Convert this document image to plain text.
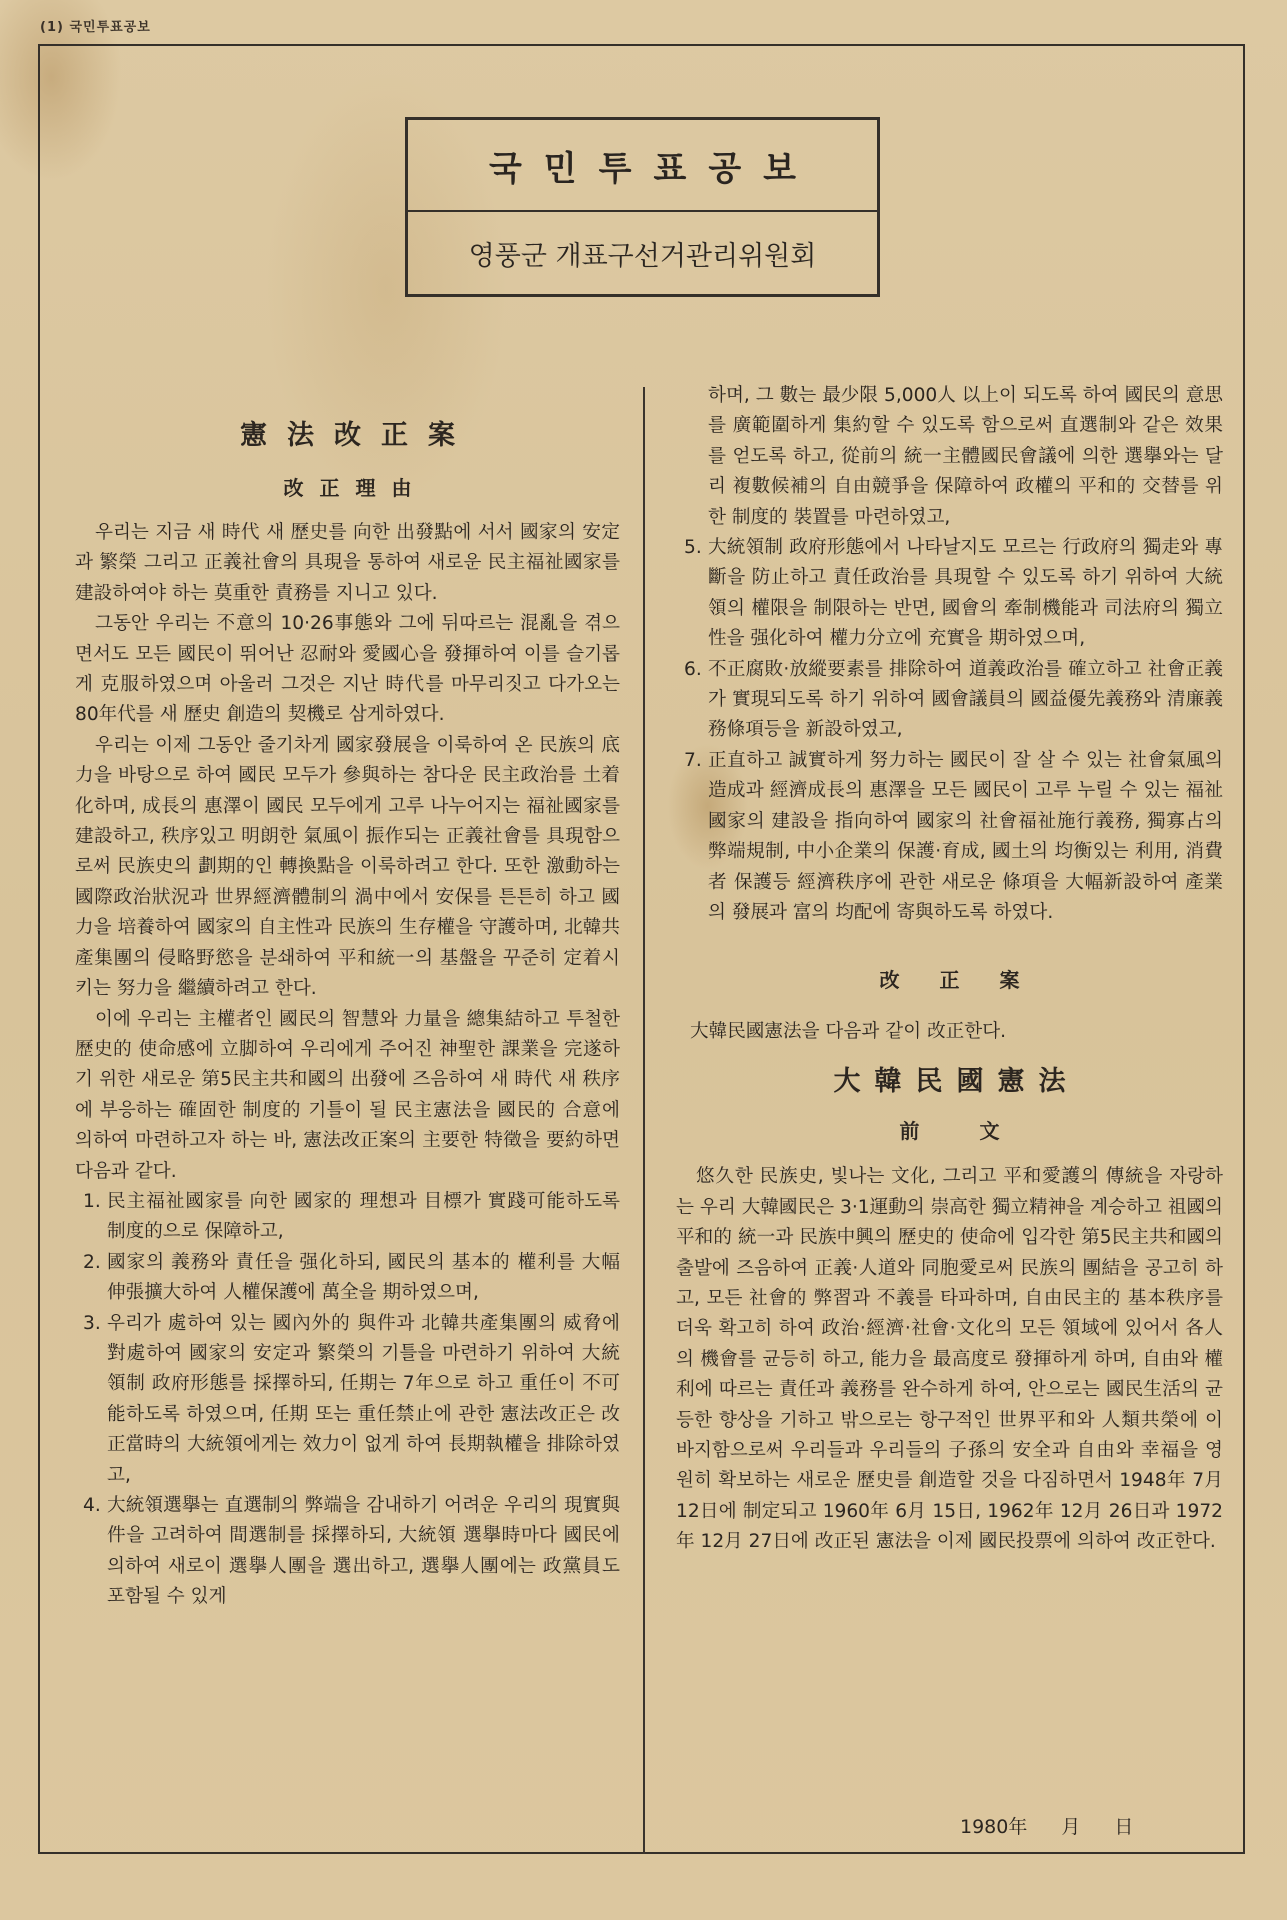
(1) 국민투표공보
국민투표공보
영풍군 개표구선거관리위원회
憲法改正案
改正理由

우리는 지금 새 時代 새 歷史를 向한 出發點에 서서 國家의 安定과 繁榮 그리고 正義社會의 具現을 통하여 새로운 民主福祉國家를 建設하여야 하는 莫重한 責務를 지니고 있다.

그동안 우리는 不意의 10·26事態와 그에 뒤따르는 混亂을 겪으면서도 모든 國民이 뛰어난 忍耐와 愛國心을 發揮하여 이를 슬기롭게 克服하였으며 아울러 그것은 지난 時代를 마무리짓고 다가오는 80年代를 새 歷史 創造의 契機로 삼게하였다.

우리는 이제 그동안 줄기차게 國家發展을 이룩하여 온 民族의 底力을 바탕으로 하여 國民 모두가 參與하는 참다운 民主政治를 土着化하며, 成長의 惠澤이 國民 모두에게 고루 나누어지는 福祉國家를 建設하고, 秩序있고 明朗한 氣風이 振作되는 正義社會를 具現함으로써 民族史의 劃期的인 轉換點을 이룩하려고 한다. 또한 激動하는 國際政治狀況과 世界經濟體制의 渦中에서 安保를 튼튼히 하고 國力을 培養하여 國家의 自主性과 民族의 生存權을 守護하며, 北韓共產集團의 侵略野慾을 분쇄하여 平和統一의 基盤을 꾸준히 定着시키는 努力을 繼續하려고 한다.

이에 우리는 主權者인 國民의 智慧와 力量을 總集結하고 투철한 歷史的 使命感에 立脚하여 우리에게 주어진 神聖한 課業을 完遂하기 위한 새로운 第5民主共和國의 出發에 즈음하여 새 時代 새 秩序에 부응하는 確固한 制度的 기틀이 될 民主憲法을 國民的 合意에 의하여 마련하고자 하는 바, 憲法改正案의 主要한 特徵을 要約하면 다음과 같다.

1. 民主福祉國家를 向한 國家的 理想과 目標가 實踐可能하도록 制度的으로 保障하고,
2. 國家의 義務와 責任을 强化하되, 國民의 基本的 權利를 大幅 伸張擴大하여 人權保護에 萬全을 期하였으며,
3. 우리가 處하여 있는 國內外的 與件과 北韓共產集團의 威脅에 對處하여 國家의 安定과 繁榮의 기틀을 마련하기 위하여 大統領制 政府形態를 採擇하되, 任期는 7年으로 하고 重任이 不可能하도록 하였으며, 任期 또는 重任禁止에 관한 憲法改正은 改正當時의 大統領에게는 效力이 없게 하여 長期執權을 排除하였고,
4. 大統領選擧는 直選制의 弊端을 감내하기 어려운 우리의 現實與件을 고려하여 間選制를 採擇하되, 大統領 選擧時마다 國民에 의하여 새로이 選擧人團을 選出하고, 選擧人團에는 政黨員도 포함될 수 있게
하며, 그 數는 最少限 5,000人 以上이 되도록 하여 國民의 意思를 廣範圍하게 集約할 수 있도록 함으로써 直選制와 같은 效果를 얻도록 하고, 從前의 統一主體國民會議에 의한 選擧와는 달리 複數候補의 自由競爭을 保障하여 政權의 平和的 交替를 위한 制度的 裝置를 마련하였고,
5. 大統領制 政府形態에서 나타날지도 모르는 行政府의 獨走와 專斷을 防止하고 責任政治를 具現할 수 있도록 하기 위하여 大統領의 權限을 制限하는 반면, 國會의 牽制機能과 司法府의 獨立性을 强化하여 權力分立에 充實을 期하였으며,
6. 不正腐敗·放縱要素를 排除하여 道義政治를 確立하고 社會正義가 實現되도록 하기 위하여 國會議員의 國益優先義務와 清廉義務條項등을 新設하였고,
7. 正直하고 誠實하게 努力하는 國民이 잘 살 수 있는 社會氣風의 造成과 經濟成長의 惠澤을 모든 國民이 고루 누릴 수 있는 福祉國家의 建設을 指向하여 國家의 社會福祉施行義務, 獨寡占의 弊端規制, 中小企業의 保護·育成, 國土의 均衡있는 利用, 消費者 保護등 經濟秩序에 관한 새로운 條項을 大幅新設하여 產業의 發展과 富의 均配에 寄與하도록 하였다.
改正案
大韓民國憲法을 다음과 같이 改正한다.
大韓民國憲法
前文

悠久한 民族史, 빛나는 文化, 그리고 平和愛護의 傳統을 자랑하는 우리 大韓國民은 3·1運動의 崇高한 獨立精神을 계승하고 祖國의 平和的 統一과 民族中興의 歷史的 使命에 입각한 第5民主共和國의 출발에 즈음하여 正義·人道와 同胞愛로써 民族의 團結을 공고히 하고, 모든 社會的 弊習과 不義를 타파하며, 自由民主的 基本秩序를 더욱 확고히 하여 政治·經濟·社會·文化의 모든 領域에 있어서 各人의 機會를 균등히 하고, 能力을 最高度로 發揮하게 하며, 自由와 權利에 따르는 責任과 義務를 완수하게 하여, 안으로는 國民生活의 균등한 향상을 기하고 밖으로는 항구적인 世界平和와 人類共榮에 이바지함으로써 우리들과 우리들의 子孫의 安全과 自由와 幸福을 영원히 확보하는 새로운 歷史를 創造할 것을 다짐하면서 1948年 7月 12日에 制定되고 1960年 6月 15日, 1962年 12月 26日과 1972年 12月 27日에 改正된 憲法을 이제 國民投票에 의하여 改正한다.

1980年 月 日
